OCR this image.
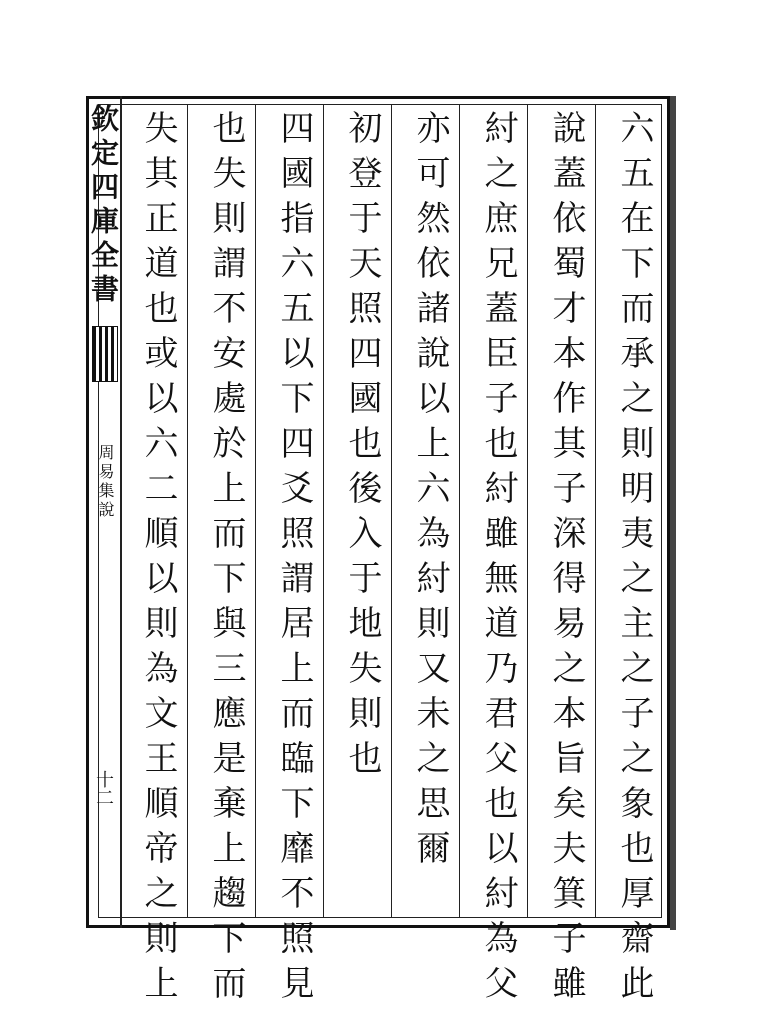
欽定四庫全書
周易集說
十二	六五在下而承之則明夷之主之子之象也厚齋此
說蓋依蜀才本作其子深得易之本旨矣夫箕子雖
紂之庶兄蓋臣子也紂雖無道乃君父也以紂為父
亦可然依諸說以上六為紂則又未之思爾
初登于天照四國也後入于地失則也
四國指六五以下四爻照謂居上而臨下靡不照見
也失則謂不安處於上而下與三應是棄上趨下而
失其正道也或以六二順以則為文王順帝之則上
